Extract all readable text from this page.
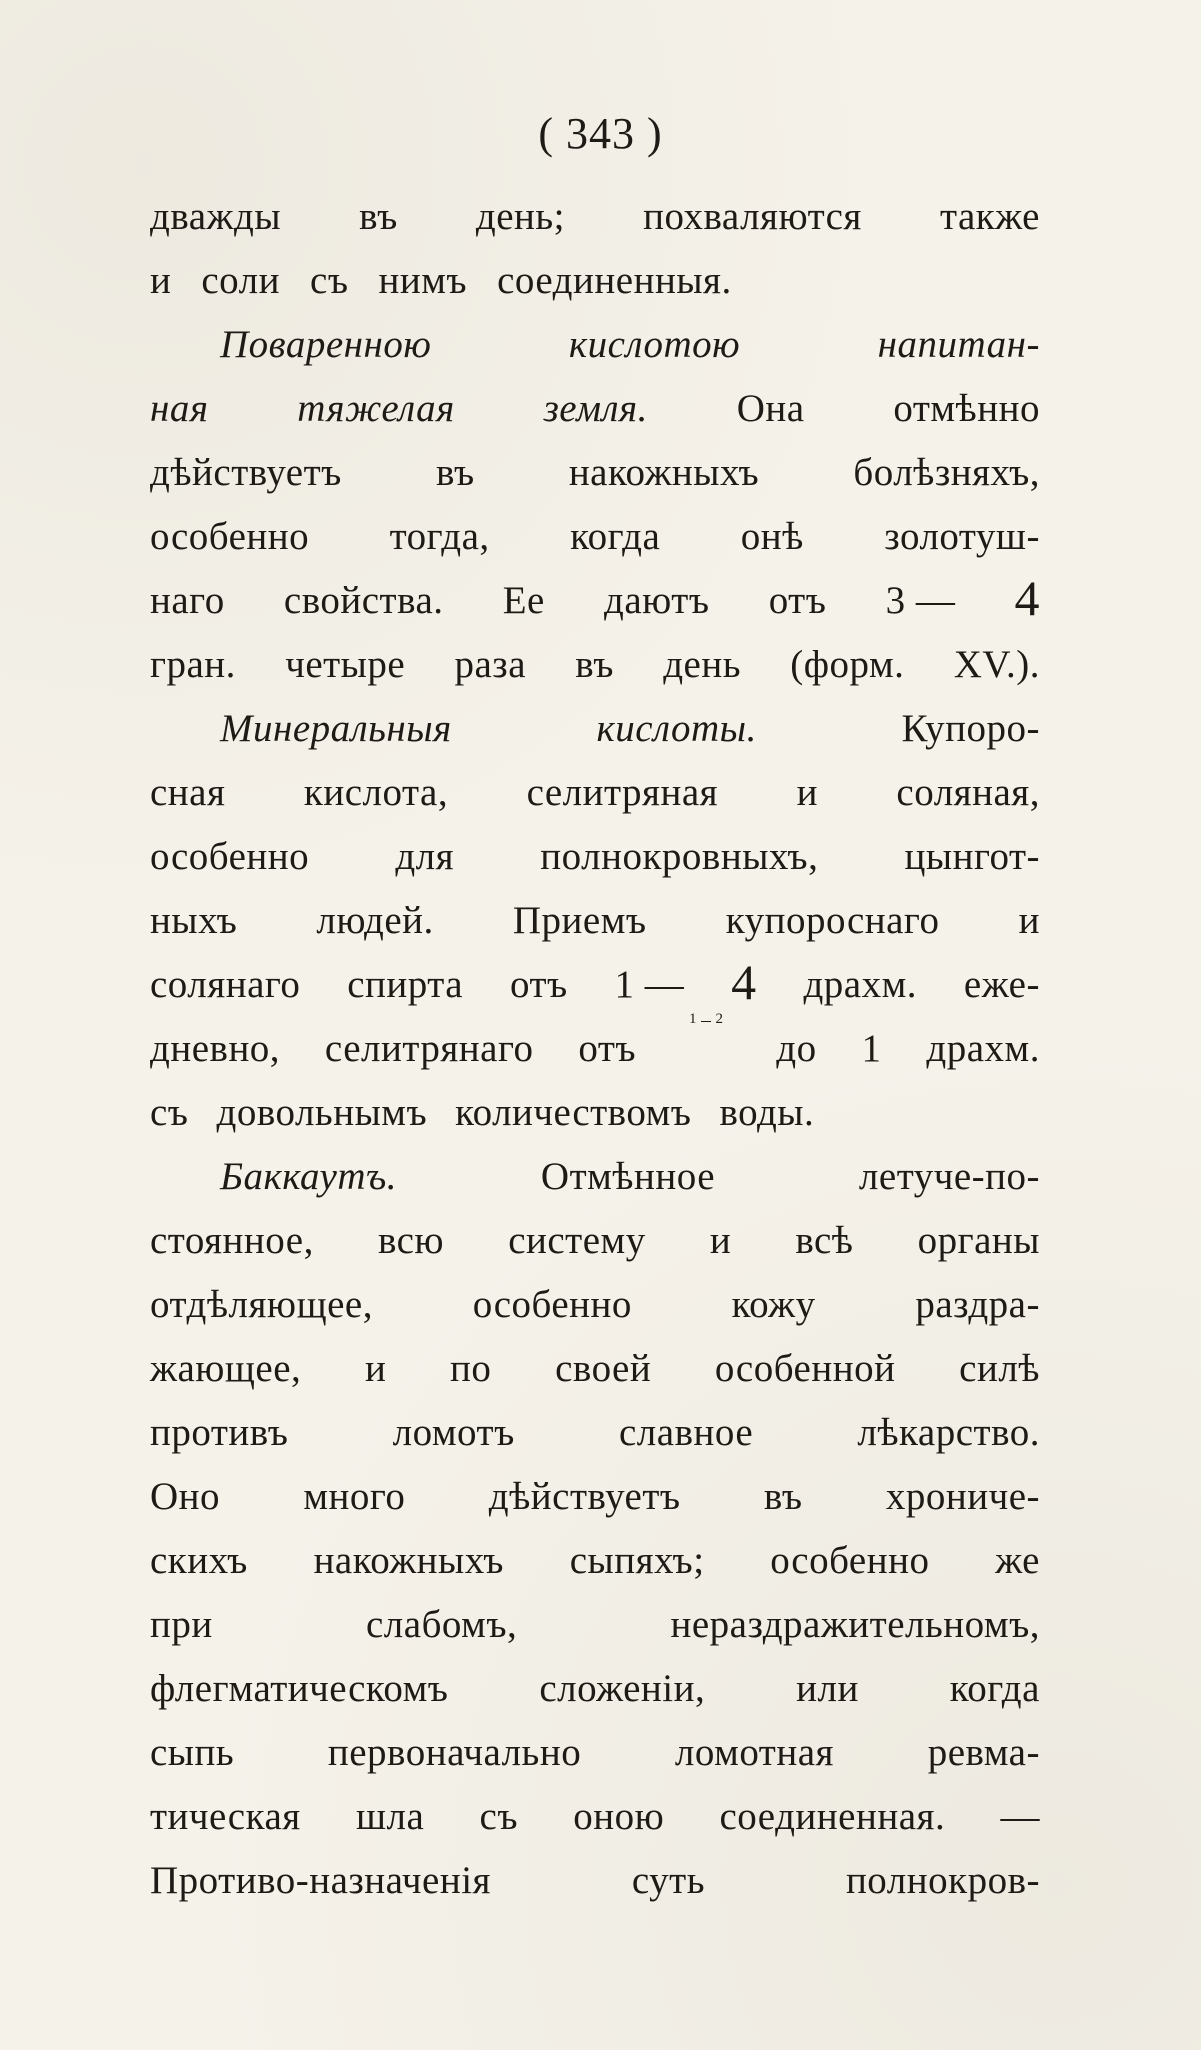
( 343 )
дважды въ день; похваляются также
и соли съ нимъ соединенныя.
Поваренною	кислотою	напитан-
ная тяжелая земля. Она отмѣнно
дѣйствуетъ въ накожныхъ болѣзняхъ,
особенно тогда, когда онѣ золотуш-
наго свойства. Ее даютъ отъ 3 — 4
гран. четыре раза въ день (форм. XV.).
Минеральныя	кислоты.	Купоро-
сная кислота, селитряная и соляная,
особенно для полнокровныхъ, цынгот-
ныхъ людей. Приемъ купороснаго и
солянаго спирта отъ 1 — 4 драхм. еже-
дневно, селитрянаго отъ
1 2
до 1 драхм.
съ довольнымъ количествомъ воды.
Баккаутъ.	Отмѣнное	летуче-по-
стоянное, всю систему и всѣ органы
отдѣляющее,	особенно	кожу	раздра-
жающее, и по своей особенной силѣ
противъ	ломотъ	славное	лѣкарство.
Оно много дѣйствуетъ въ хрониче-
скихъ накожныхъ сыпяхъ; особенно же
при	слабомъ,	нераздражительномъ,
флегматическомъ сложенiи, или когда
сыпь первоначально ломотная ревма-
тическая шла съ оною соединенная. —
Противо-назначенiя	суть	полнокров-
